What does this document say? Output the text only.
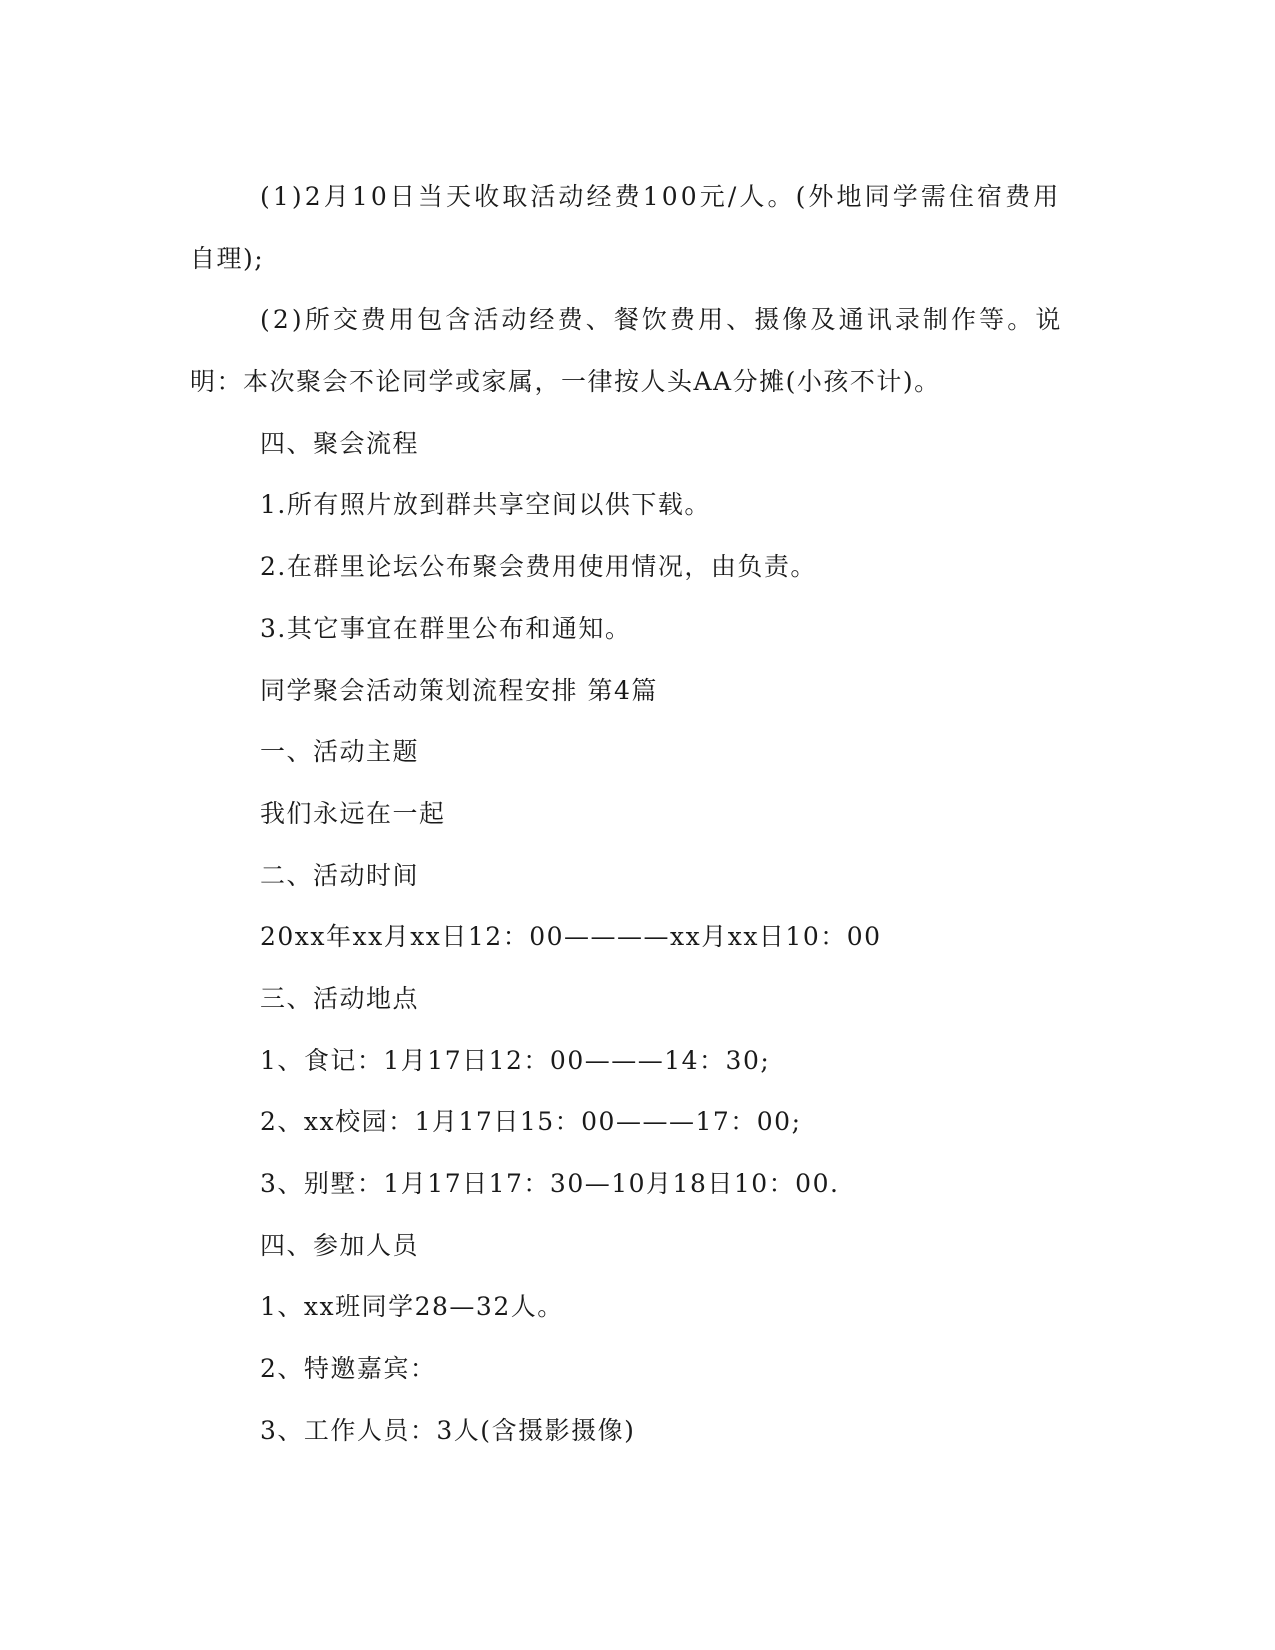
(1)2月10日当天收取活动经费100元/人。(外地同学需住宿费用
自理);
(2)所交费用包含活动经费、餐饮费用、摄像及通讯录制作等。说
明：本次聚会不论同学或家属，一律按人头AA分摊(小孩不计)。
四、聚会流程
1.所有照片放到群共享空间以供下载。
2.在群里论坛公布聚会费用使用情况，由负责。
3.其它事宜在群里公布和通知。
同学聚会活动策划流程安排 第4篇
一、活动主题
我们永远在一起
二、活动时间
20xx年xx月xx日12：00————xx月xx日10：00
三、活动地点
1、食记：1月17日12：00———14：30;
2、xx校园：1月17日15：00———17：00;
3、别墅：1月17日17：30—10月18日10：00.
四、参加人员
1、xx班同学28—32人。
2、特邀嘉宾：
3、工作人员：3人(含摄影摄像)
